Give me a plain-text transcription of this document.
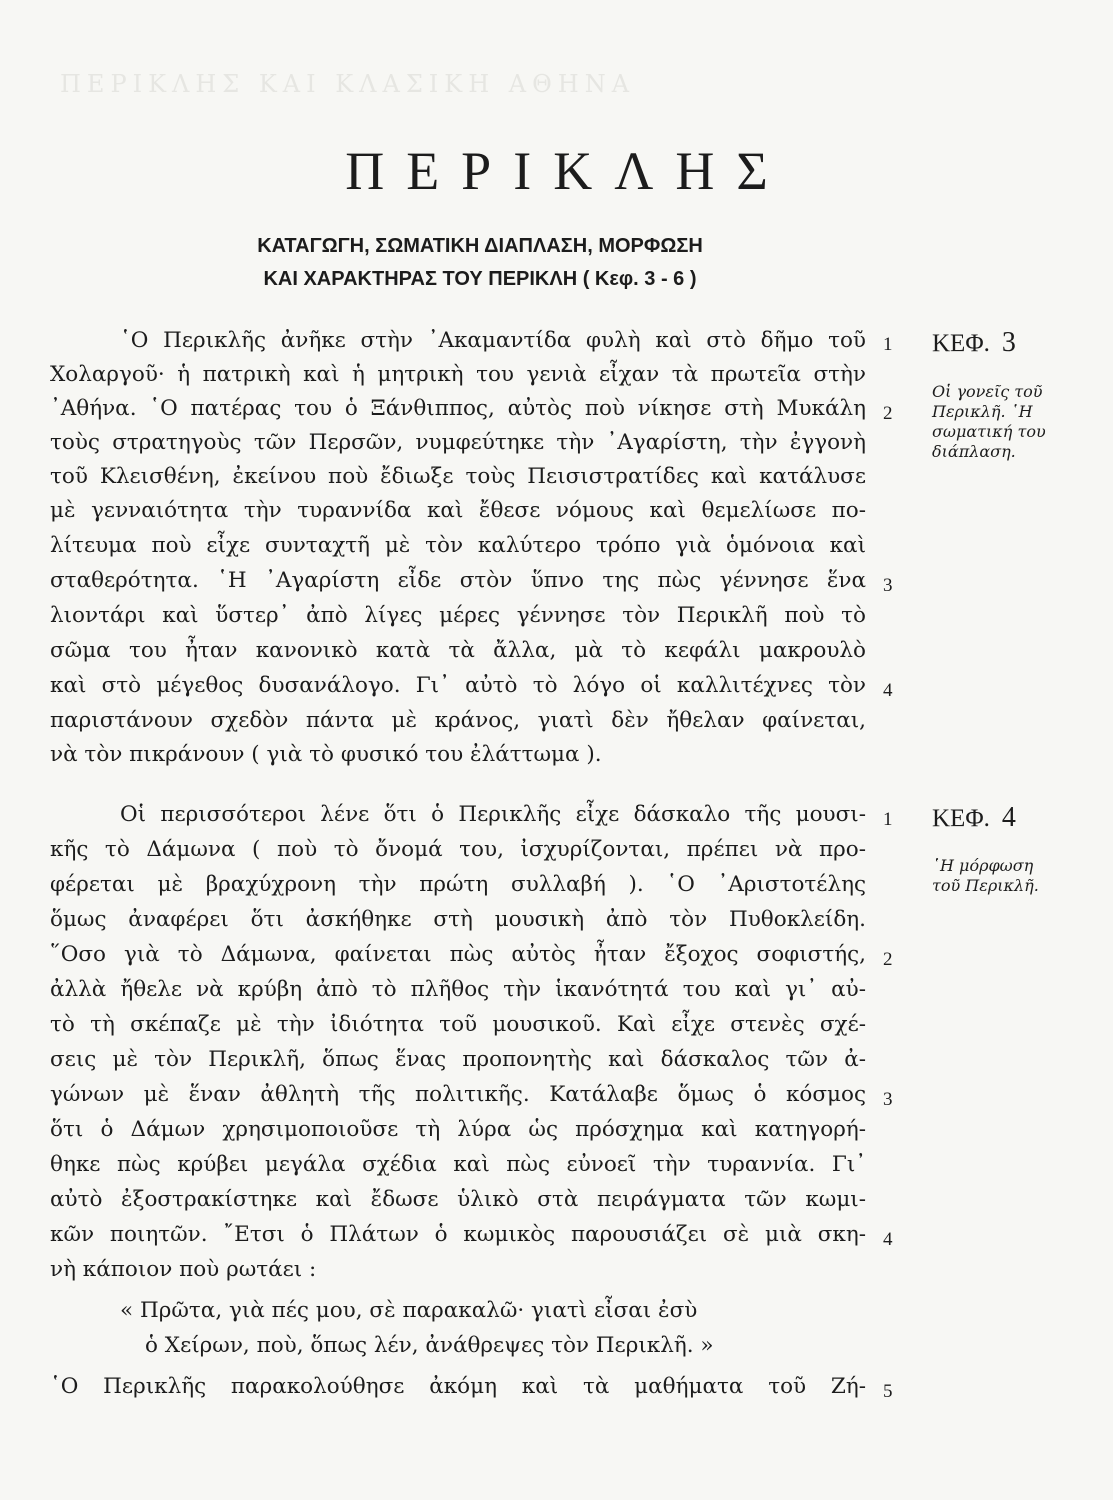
ΠΕΡΙΚΛΗΣ ΚΑΙ ΚΛΑΣΙΚΗ ΑΘΗΝΑ
ΠΕΡΙΚΛΗΣ
ΚΑΤΑΓΩΓΗ, ΣΩΜΑΤΙΚΗ ΔΙΑΠΛΑΣΗ, ΜΟΡΦΩΣΗ
ΚΑΙ ΧΑΡΑΚΤΗΡΑΣ ΤΟΥ ΠΕΡΙΚΛΗ ( Κεφ. 3 - 6 )
῾Ο Περικλῆς ἀνῆκε στὴν ᾽Ακαμαντίδα φυλὴ καὶ στὸ δῆμο τοῦ
Χολαργοῦ· ἡ πατρικὴ καὶ ἡ μητρικὴ του γενιὰ εἶχαν τὰ πρωτεῖα στὴν
᾽Αθήνα. ῾Ο πατέρας του ὁ Ξάνθιππος, αὐτὸς ποὺ νίκησε στὴ Μυκάλη
τοὺς στρατηγοὺς τῶν Περσῶν, νυμφεύτηκε τὴν ᾽Αγαρίστη, τὴν ἐγγονὴ
τοῦ Κλεισθένη, ἐκείνου ποὺ ἔδιωξε τοὺς Πεισιστρατίδες καὶ κατάλυσε
μὲ γενναιότητα τὴν τυραννίδα καὶ ἔθεσε νόμους καὶ θεμελίωσε πο-
λίτευμα ποὺ εἶχε συνταχτῆ μὲ τὸν καλύτερο τρόπο γιὰ ὁμόνοια καὶ
σταθερότητα. ῾Η ᾽Αγαρίστη εἶδε στὸν ὕπνο της πὼς γέννησε ἕνα
λιοντάρι καὶ ὕστερ᾽ ἀπὸ λίγες μέρες γέννησε τὸν Περικλῆ ποὺ τὸ
σῶμα του ἦταν κανονικὸ κατὰ τὰ ἄλλα, μὰ τὸ κεφάλι μακρουλὸ
καὶ στὸ μέγεθος δυσανάλογο. Γι᾽ αὐτὸ τὸ λόγο οἱ καλλιτέχνες τὸν
παριστάνουν σχεδὸν πάντα μὲ κράνος, γιατὶ δὲν ἤθελαν φαίνεται,
νὰ τὸν πικράνουν ( γιὰ τὸ φυσικό του ἐλάττωμα ).
Οἱ περισσότεροι λένε ὅτι ὁ Περικλῆς εἶχε δάσκαλο τῆς μουσι-
κῆς τὸ Δάμωνα ( ποὺ τὸ ὄνομά του, ἰσχυρίζονται, πρέπει νὰ προ-
φέρεται μὲ βραχύχρονη τὴν πρώτη συλλαβή ). ῾Ο ᾽Αριστοτέλης
ὅμως ἀναφέρει ὅτι ἀσκήθηκε στὴ μουσικὴ ἀπὸ τὸν Πυθοκλείδη.
῞Οσο γιὰ τὸ Δάμωνα, φαίνεται πὼς αὐτὸς ἦταν ἔξοχος σοφιστής,
ἀλλὰ ἤθελε νὰ κρύβη ἀπὸ τὸ πλῆθος τὴν ἱκανότητά του καὶ γι᾽ αὐ-
τὸ τὴ σκέπαζε μὲ τὴν ἰδιότητα τοῦ μουσικοῦ. Καὶ εἶχε στενὲς σχέ-
σεις μὲ τὸν Περικλῆ, ὅπως ἕνας προπονητὴς καὶ δάσκαλος τῶν ἀ-
γώνων μὲ ἕναν ἀθλητὴ τῆς πολιτικῆς. Κατάλαβε ὅμως ὁ κόσμος
ὅτι ὁ Δάμων χρησιμοποιοῦσε τὴ λύρα ὡς πρόσχημα καὶ κατηγορή-
θηκε πὼς κρύβει μεγάλα σχέδια καὶ πὼς εὐνοεῖ τὴν τυραννία. Γι᾽
αὐτὸ ἐξοστρακίστηκε καὶ ἔδωσε ὑλικὸ στὰ πειράγματα τῶν κωμι-
κῶν ποιητῶν. ῎Ετσι ὁ Πλάτων ὁ κωμικὸς παρουσιάζει σὲ μιὰ σκη-
νὴ κάποιον ποὺ ρωτάει :
« Πρῶτα, γιὰ πές μου, σὲ παρακαλῶ· γιατὶ εἶσαι ἐσὺ
ὁ Χείρων, ποὺ, ὅπως λέν, ἀνάθρεψες τὸν Περικλῆ. »
῾Ο Περικλῆς παρακολούθησε ἀκόμη καὶ τὰ μαθήματα τοῦ Ζή-
1
2
3
4
1
2
3
4
5
ΚΕΦ. 3
Οἱ γονεῖς τοῦ
Περικλῆ. ῾Η
σωματική του
διάπλαση.
ΚΕΦ. 4
῾Η μόρφωση
τοῦ Περικλῆ.
